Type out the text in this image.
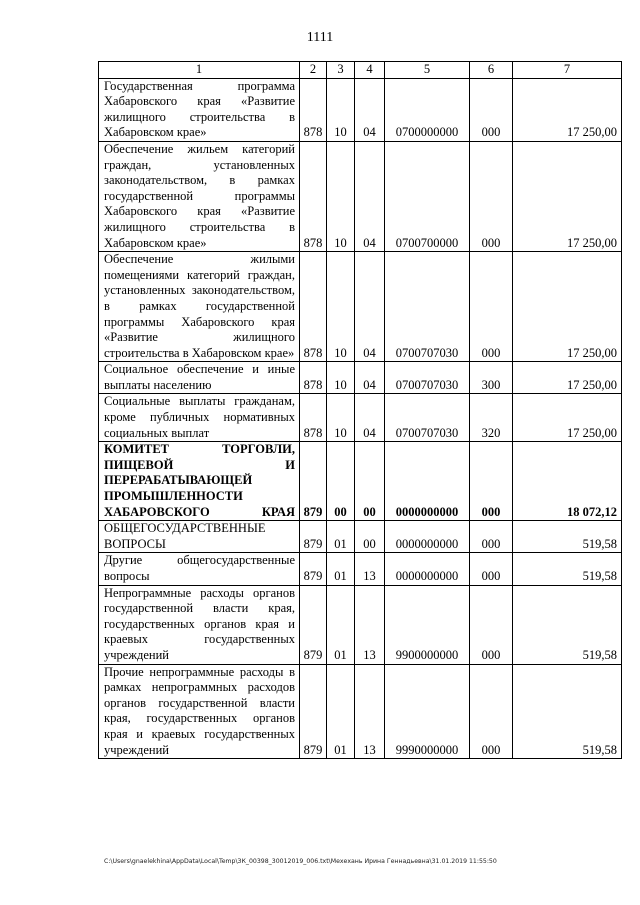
1111
1	2	3	4	5	6	7
Государственная программа Хабаровского края «Развитие жилищного строительства в Хабаровском крае»	878	10	04	0700000000	000	17 250,00
Обеспечение жильем категорий граждан, установленных законодательством, в рамках государственной программы Хабаровского края «Развитие жилищного строительства в Хабаровском крае»	878	10	04	0700700000	000	17 250,00
Обеспечение жилыми помещениями категорий граждан, установленных законодательством, в рамках государственной программы Хабаровского края «Развитие жилищного строительства в Хабаровском крае»	878	10	04	0700707030	000	17 250,00
Социальное обеспечение и иные выплаты населению	878	10	04	0700707030	300	17 250,00
Социальные выплаты гражданам, кроме публичных нормативных социальных выплат	878	10	04	0700707030	320	17 250,00
КОМИТЕТ ТОРГОВЛИ, ПИЩЕВОЙ И ПЕРЕРАБАТЫВАЮЩЕЙ ПРОМЫШЛЕННОСТИ ХАБАРОВСКОГО КРАЯ	879	00	00	0000000000	000	18 072,12
ОБЩЕГОСУДАРСТВЕННЫЕ ВОПРОСЫ	879	01	00	0000000000	000	519,58
Другие общегосударственные вопросы	879	01	13	0000000000	000	519,58
Непрограммные расходы органов государственной власти края, государственных органов края и краевых государственных учреждений	879	01	13	9900000000	000	519,58
Прочие непрограммные расходы в рамках непрограммных расходов органов государственной власти края, государственных органов края и краевых государственных учреждений	879	01	13	9990000000	000	519,58
C:\Users\gnaelekhina\AppData\Local\Temp\ЗК_00398_30012019_006.txt\Мехехань Ирина Геннадьевна\31.01.2019 11:55:50
